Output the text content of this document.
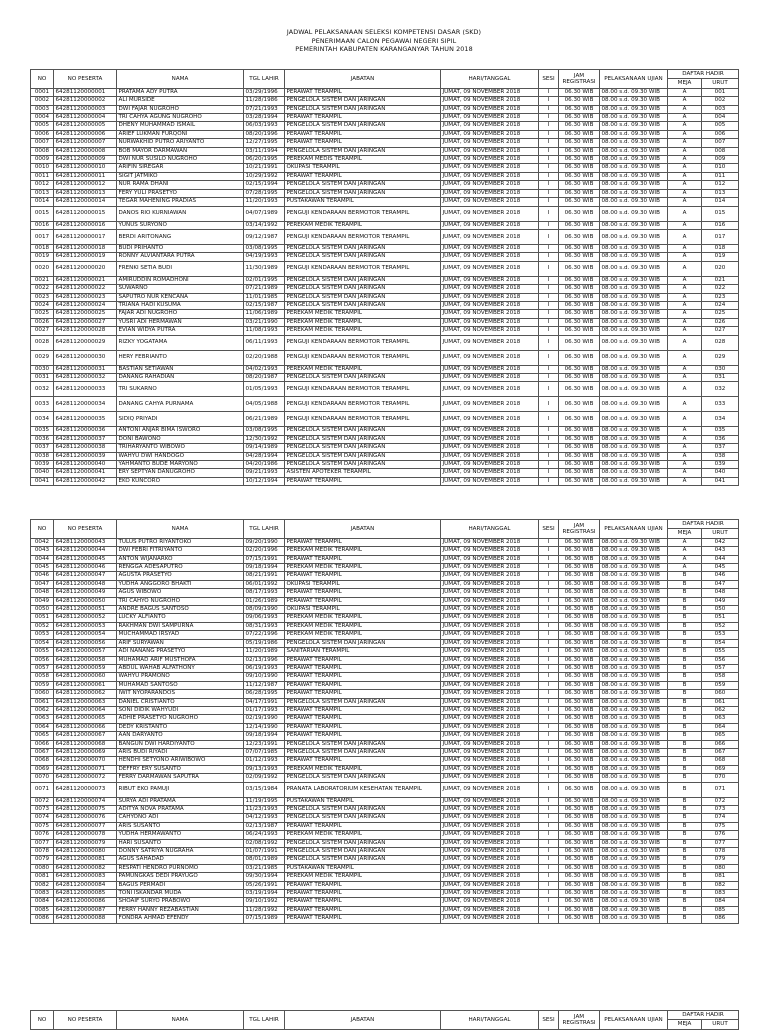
JADWAL PELAKSANAAN SELEKSI KOMPETENSI DASAR (SKD)
PENERIMAAN CALON PEGAWAI NEGERI SIPIL
PEMERINTAH KABUPATEN KARANGANYAR TAHUN 2018
NO	NO PESERTA	NAMA	TGL LAHIR	JABATAN	HARI/TANGGAL	SESI	JAM REGISTRASI	PELAKSANAAN UJIAN	DAFTAR HADIR	
									MEJA	URUT
0001	64281120000001	PRATAMA ADY PUTRA	03/29/1996	PERAWAT TERAMPIL	JUMAT, 09 NOVEMBER 2018	I	06.30 WIB	08.00 s.d. 09.30 WIB	A	001
0002	64281120000002	ALI MURSIDE	11/28/1986	PENGELOLA SISTEM DAN JARINGAN	JUMAT, 09 NOVEMBER 2018	I	06.30 WIB	08.00 s.d. 09.30 WIB	A	002
0003	64281120000003	DWI FAJAR NUGROHO	07/21/1993	PENGELOLA SISTEM DAN JARINGAN	JUMAT, 09 NOVEMBER 2018	I	06.30 WIB	08.00 s.d. 09.30 WIB	A	003
0004	64281120000004	TRI CAHYA AGUNG NUGROHO	03/28/1994	PERAWAT TERAMPIL	JUMAT, 09 NOVEMBER 2018	I	06.30 WIB	08.00 s.d. 09.30 WIB	A	004
0005	64281120000005	DHENY MUHAMMAD ISMAIL	06/03/1993	PENGELOLA SISTEM DAN JARINGAN	JUMAT, 09 NOVEMBER 2018	I	06.30 WIB	08.00 s.d. 09.30 WIB	A	005
0006	64281120000006	ARIEF LUKMAN FURQONI	08/20/1996	PERAWAT TERAMPIL	JUMAT, 09 NOVEMBER 2018	I	06.30 WIB	08.00 s.d. 09.30 WIB	A	006
0007	64281120000007	NURWAKHID PUTRO ARIYANTO	12/27/1995	PERAWAT TERAMPIL	JUMAT, 09 NOVEMBER 2018	I	06.30 WIB	08.00 s.d. 09.30 WIB	A	007
0008	64281120000008	BOB MAYOR DARMAWAN	03/11/1994	PENGELOLA SISTEM DAN JARINGAN	JUMAT, 09 NOVEMBER 2018	I	06.30 WIB	08.00 s.d. 09.30 WIB	A	008
0009	64281120000009	DWI NUR SUSILO NUGROHO	06/20/1995	PEREKAM MEDIS TERAMPIL	JUMAT, 09 NOVEMBER 2018	I	06.30 WIB	08.00 s.d. 09.30 WIB	A	009
0010	64281120000010	ARIFIN SIREGAR	10/21/1991	OKUPASI TERAMPIL	JUMAT, 09 NOVEMBER 2018	I	06.30 WIB	08.00 s.d. 09.30 WIB	A	010
0011	64281120000011	SIGIT JATMIKO	10/29/1992	PERAWAT TERAMPIL	JUMAT, 09 NOVEMBER 2018	I	06.30 WIB	08.00 s.d. 09.30 WIB	A	011
0012	64281120000012	NUR RAMA DHANI	02/15/1994	PENGELOLA SISTEM DAN JARINGAN	JUMAT, 09 NOVEMBER 2018	I	06.30 WIB	08.00 s.d. 09.30 WIB	A	012
0013	64281120000013	FERY YULI PRASETYO	07/28/1995	PENGELOLA SISTEM DAN JARINGAN	JUMAT, 09 NOVEMBER 2018	I	06.30 WIB	08.00 s.d. 09.30 WIB	A	013
0014	64281120000014	TEGAR MAHENING PRADIAS	11/20/1993	PUSTAKAWAN TERAMPIL	JUMAT, 09 NOVEMBER 2018	I	06.30 WIB	08.00 s.d. 09.30 WIB	A	014
0015	64281120000015	DANOS RIO KURNIAWAN	04/07/1989	PENGUJI KENDARAAN BERMOTOR TERAMPIL	JUMAT, 09 NOVEMBER 2018	I	06.30 WIB	08.00 s.d. 09.30 WIB	A	015
0016	64281120000016	YUNUS SURYONO	03/14/1992	PEREKAM MEDIK TERAMPIL	JUMAT, 09 NOVEMBER 2018	I	06.30 WIB	08.00 s.d. 09.30 WIB	A	016
0017	64281120000017	BERDI ARITONANG	09/12/1987	PENGUJI KENDARAAN BERMOTOR TERAMPIL	JUMAT, 09 NOVEMBER 2018	I	06.30 WIB	08.00 s.d. 09.30 WIB	A	017
0018	64281120000018	BUDI PRIHANTO	03/08/1995	PENGELOLA SISTEM DAN JARINGAN	JUMAT, 09 NOVEMBER 2018	I	06.30 WIB	08.00 s.d. 09.30 WIB	A	018
0019	64281120000019	RONNY ALVIANTARA PUTRA	04/19/1993	PENGELOLA SISTEM DAN JARINGAN	JUMAT, 09 NOVEMBER 2018	I	06.30 WIB	08.00 s.d. 09.30 WIB	A	019
0020	64281120000020	FRENKI SETIA BUDI	11/30/1989	PENGUJI KENDARAAN BERMOTOR TERAMPIL	JUMAT, 09 NOVEMBER 2018	I	06.30 WIB	08.00 s.d. 09.30 WIB	A	020
0021	64281120000021	AMIRUDDIN ROMADHONI	02/01/1995	PENGELOLA SISTEM DAN JARINGAN	JUMAT, 09 NOVEMBER 2018	I	06.30 WIB	08.00 s.d. 09.30 WIB	A	021
0022	64281120000022	SUWARNO	07/21/1989	PENGELOLA SISTEM DAN JARINGAN	JUMAT, 09 NOVEMBER 2018	I	06.30 WIB	08.00 s.d. 09.30 WIB	A	022
0023	64281120000023	SAPUTRO NUR KENCANA	11/01/1985	PENGELOLA SISTEM DAN JARINGAN	JUMAT, 09 NOVEMBER 2018	I	06.30 WIB	08.00 s.d. 09.30 WIB	A	023
0024	64281120000024	TRIANA HADI KUSUMA	02/15/1987	PENGELOLA SISTEM DAN JARINGAN	JUMAT, 09 NOVEMBER 2018	I	06.30 WIB	08.00 s.d. 09.30 WIB	A	024
0025	64281120000025	FAJAR ADI NUGROHO	11/06/1989	PEREKAM MEDIK TERAMPIL	JUMAT, 09 NOVEMBER 2018	I	06.30 WIB	08.00 s.d. 09.30 WIB	A	025
0026	64281120000027	YUSRI ADI HERMAWAN	03/21/1990	PEREKAM MEDIK TERAMPIL	JUMAT, 09 NOVEMBER 2018	I	06.30 WIB	08.00 s.d. 09.30 WIB	A	026
0027	64281120000028	EVIAN WIDYA PUTRA	11/08/1993	PEREKAM MEDIK TERAMPIL	JUMAT, 09 NOVEMBER 2018	I	06.30 WIB	08.00 s.d. 09.30 WIB	A	027
0028	64281120000029	RIZKY YOGATAMA	06/11/1993	PENGUJI KENDARAAN BERMOTOR TERAMPIL	JUMAT, 09 NOVEMBER 2018	I	06.30 WIB	08.00 s.d. 09.30 WIB	A	028
0029	64281120000030	HERY FEBRIANTO	02/20/1988	PENGUJI KENDARAAN BERMOTOR TERAMPIL	JUMAT, 09 NOVEMBER 2018	I	06.30 WIB	08.00 s.d. 09.30 WIB	A	029
0030	64281120000031	BASTIAN SETIAWAN	04/02/1993	PEREKAM MEDIK TERAMPIL	JUMAT, 09 NOVEMBER 2018	I	06.30 WIB	08.00 s.d. 09.30 WIB	A	030
0031	64281120000032	DANANG RAHADIAN	08/20/1987	PENGELOLA SISTEM DAN JARINGAN	JUMAT, 09 NOVEMBER 2018	I	06.30 WIB	08.00 s.d. 09.30 WIB	A	031
0032	64281120000033	TRI SUKARNO	01/05/1993	PENGUJI KENDARAAN BERMOTOR TERAMPIL	JUMAT, 09 NOVEMBER 2018	I	06.30 WIB	08.00 s.d. 09.30 WIB	A	032
0033	64281120000034	DANANG CAHYA PURNAMA	04/05/1988	PENGUJI KENDARAAN BERMOTOR TERAMPIL	JUMAT, 09 NOVEMBER 2018	I	06.30 WIB	08.00 s.d. 09.30 WIB	A	033
0034	64281120000035	SIDIQ PRIYADI	06/21/1989	PENGUJI KENDARAAN BERMOTOR TERAMPIL	JUMAT, 09 NOVEMBER 2018	I	06.30 WIB	08.00 s.d. 09.30 WIB	A	034
0035	64281120000036	ANTONI ANJAR BIMA ISWORO	03/08/1995	PENGELOLA SISTEM DAN JARINGAN	JUMAT, 09 NOVEMBER 2018	I	06.30 WIB	08.00 s.d. 09.30 WIB	A	035
0036	64281120000037	DONI BAWONO	12/30/1992	PENGELOLA SISTEM DAN JARINGAN	JUMAT, 09 NOVEMBER 2018	I	06.30 WIB	08.00 s.d. 09.30 WIB	A	036
0037	64281120000038	TRIHARYANTO WIBOWO	09/14/1989	PENGELOLA SISTEM DAN JARINGAN	JUMAT, 09 NOVEMBER 2018	I	06.30 WIB	08.00 s.d. 09.30 WIB	A	037
0038	64281120000039	WAHYU DWI HANDOGO	04/28/1994	PENGELOLA SISTEM DAN JARINGAN	JUMAT, 09 NOVEMBER 2018	I	06.30 WIB	08.00 s.d. 09.30 WIB	A	038
0039	64281120000040	YAHMANTO BUDE MARYONO	04/20/1986	PENGELOLA SISTEM DAN JARINGAN	JUMAT, 09 NOVEMBER 2018	I	06.30 WIB	08.00 s.d. 09.30 WIB	A	039
0040	64281120000041	ERY SEPTYAN DANUGROHO	09/21/1993	ASISTEN APOTEKER TERAMPIL	JUMAT, 09 NOVEMBER 2018	I	06.30 WIB	08.00 s.d. 09.30 WIB	A	040
0041	64281120000042	EKO KUNCORO	10/12/1994	PERAWAT TERAMPIL	JUMAT, 09 NOVEMBER 2018	I	06.30 WIB	08.00 s.d. 09.30 WIB	A	041
NO	NO PESERTA	NAMA	TGL LAHIR	JABATAN	HARI/TANGGAL	SESI	JAM REGISTRASI	PELAKSANAAN UJIAN	DAFTAR HADIR	
									MEJA	URUT
0042	64281120000043	TULUS PUTRO RIYANTOKO	09/20/1990	PERAWAT TERAMPIL	JUMAT, 09 NOVEMBER 2018	I	06.30 WIB	08.00 s.d. 09.30 WIB	A	042
0043	64281120000044	DWI FEBRI FITRIYANTO	02/20/1996	PEREKAM MEDIK TERAMPIL	JUMAT, 09 NOVEMBER 2018	I	06.30 WIB	08.00 s.d. 09.30 WIB	A	043
0044	64281120000045	ANTON WIJANARKO	07/15/1991	PERAWAT TERAMPIL	JUMAT, 09 NOVEMBER 2018	I	06.30 WIB	08.00 s.d. 09.30 WIB	A	044
0045	64281120000046	RENGGA ADESAPUTRO	09/18/1994	PEREKAM MEDIK TERAMPIL	JUMAT, 09 NOVEMBER 2018	I	06.30 WIB	08.00 s.d. 09.30 WIB	A	045
0046	64281120000047	AGUSTA PRASETYO	08/21/1991	PERAWAT TERAMPIL	JUMAT, 09 NOVEMBER 2018	I	06.30 WIB	08.00 s.d. 09.30 WIB	B	046
0047	64281120000048	YUDHA ANGGORO BHAKTI	06/01/1992	OKUPASI TERAMPIL	JUMAT, 09 NOVEMBER 2018	I	06.30 WIB	08.00 s.d. 09.30 WIB	B	047
0048	64281120000049	AGUS WIBOWO	08/17/1993	PERAWAT TERAMPIL	JUMAT, 09 NOVEMBER 2018	I	06.30 WIB	08.00 s.d. 09.30 WIB	B	048
0049	64281120000050	TRI CAHYO NUGROHO	01/26/1989	PERAWAT TERAMPIL	JUMAT, 09 NOVEMBER 2018	I	06.30 WIB	08.00 s.d. 09.30 WIB	B	049
0050	64281120000051	ANDRE BAGUS SANTOSO	08/09/1990	OKUPASI TERAMPIL	JUMAT, 09 NOVEMBER 2018	I	06.30 WIB	08.00 s.d. 09.30 WIB	B	050
0051	64281120000052	LUCKY ALFIANTO	09/06/1993	PEREKAM MEDIK TERAMPIL	JUMAT, 09 NOVEMBER 2018	I	06.30 WIB	08.00 s.d. 09.30 WIB	B	051
0052	64281120000053	RAKHMAN DWI SAMPURNA	08/31/1993	PEREKAM MEDIK TERAMPIL	JUMAT, 09 NOVEMBER 2018	I	06.30 WIB	08.00 s.d. 09.30 WIB	B	052
0053	64281120000054	MUCHAMMAD IRSYAD	07/22/1996	PEREKAM MEDIK TERAMPIL	JUMAT, 09 NOVEMBER 2018	I	06.30 WIB	08.00 s.d. 09.30 WIB	B	053
0054	64281120000056	ARIF SURYAWAN	05/19/1986	PENGELOLA SISTEM DAN JARINGAN	JUMAT, 09 NOVEMBER 2018	I	06.30 WIB	08.00 s.d. 09.30 WIB	B	054
0055	64281120000057	ADI NANANG PRASETYO	11/20/1989	SANITARIAN TERAMPIL	JUMAT, 09 NOVEMBER 2018	I	06.30 WIB	08.00 s.d. 09.30 WIB	B	055
0056	64281120000058	MUHAMAD ARIF MUSTHOFA	02/13/1996	PERAWAT TERAMPIL	JUMAT, 09 NOVEMBER 2018	I	06.30 WIB	08.00 s.d. 09.30 WIB	B	056
0057	64281120000059	ABDUL WAHAB ALFATHONY	06/19/1993	PERAWAT TERAMPIL	JUMAT, 09 NOVEMBER 2018	I	06.30 WIB	08.00 s.d. 09.30 WIB	B	057
0058	64281120000060	WAHYU PRAMONO	09/10/1990	PERAWAT TERAMPIL	JUMAT, 09 NOVEMBER 2018	I	06.30 WIB	08.00 s.d. 09.30 WIB	B	058
0059	64281120000061	MUHAMAD SANTOSO	11/12/1987	PERAWAT TERAMPIL	JUMAT, 09 NOVEMBER 2018	I	06.30 WIB	08.00 s.d. 09.30 WIB	B	059
0060	64281120000062	IWIT NYOPARANDOS	06/28/1995	PERAWAT TERAMPIL	JUMAT, 09 NOVEMBER 2018	I	06.30 WIB	08.00 s.d. 09.30 WIB	B	060
0061	64281120000063	DANIEL CRISTIANTO	04/17/1991	PENGELOLA SISTEM DAN JARINGAN	JUMAT, 09 NOVEMBER 2018	I	06.30 WIB	08.00 s.d. 09.30 WIB	B	061
0062	64281120000064	SONI DIDIK WAHYUDI	01/17/1993	PERAWAT TERAMPIL	JUMAT, 09 NOVEMBER 2018	I	06.30 WIB	08.00 s.d. 09.30 WIB	B	062
0063	64281120000065	ADHIE PRASETYO NUGROHO	02/19/1990	PERAWAT TERAMPIL	JUMAT, 09 NOVEMBER 2018	I	06.30 WIB	08.00 s.d. 09.30 WIB	B	063
0064	64281120000066	DEDY KRISTANTO	12/14/1990	PERAWAT TERAMPIL	JUMAT, 09 NOVEMBER 2018	I	06.30 WIB	08.00 s.d. 09.30 WIB	B	064
0065	64281120000067	AAN DARYANTO	09/18/1994	PERAWAT TERAMPIL	JUMAT, 09 NOVEMBER 2018	I	06.30 WIB	08.00 s.d. 09.30 WIB	B	065
0066	64281120000068	BANGUN DWI HARDIYANTO	12/23/1991	PENGELOLA SISTEM DAN JARINGAN	JUMAT, 09 NOVEMBER 2018	I	06.30 WIB	08.00 s.d. 09.30 WIB	B	066
0067	64281120000069	ARIS BUDI RIYADI	07/07/1985	PENGELOLA SISTEM DAN JARINGAN	JUMAT, 09 NOVEMBER 2018	I	06.30 WIB	08.00 s.d. 09.30 WIB	B	067
0068	64281120000070	HENDHI SETYONO ARIWIBOWO	01/12/1993	PERAWAT TERAMPIL	JUMAT, 09 NOVEMBER 2018	I	06.30 WIB	08.00 s.d. 09.30 WIB	B	068
0069	64281120000071	DEFFRY ERY SUSANTO	09/13/1993	PEREKAM MEDIK TERAMPIL	JUMAT, 09 NOVEMBER 2018	I	06.30 WIB	08.00 s.d. 09.30 WIB	B	069
0070	64281120000072	FERRY DARMAWAN SAPUTRA	02/09/1992	PENGELOLA SISTEM DAN JARINGAN	JUMAT, 09 NOVEMBER 2018	I	06.30 WIB	08.00 s.d. 09.30 WIB	B	070
0071	64281120000073	RIBUT EKO PAMUJI	03/15/1984	PRANATA LABORATORIUM KESEHATAN TERAMPIL	JUMAT, 09 NOVEMBER 2018	I	06.30 WIB	08.00 s.d. 09.30 WIB	B	071
0072	64281120000074	SURYA ADI PRATAMA	11/19/1995	PUSTAKAWAN TERAMPIL	JUMAT, 09 NOVEMBER 2018	I	06.30 WIB	08.00 s.d. 09.30 WIB	B	072
0073	64281120000075	ADITYA NOVA PRATAMA	11/23/1993	PENGELOLA SISTEM DAN JARINGAN	JUMAT, 09 NOVEMBER 2018	I	06.30 WIB	08.00 s.d. 09.30 WIB	B	073
0074	64281120000076	CAHYONO ADI	04/12/1993	PENGELOLA SISTEM DAN JARINGAN	JUMAT, 09 NOVEMBER 2018	I	06.30 WIB	08.00 s.d. 09.30 WIB	B	074
0075	64281120000077	ARIS SUSANTO	02/13/1987	PERAWAT TERAMPIL	JUMAT, 09 NOVEMBER 2018	I	06.30 WIB	08.00 s.d. 09.30 WIB	B	075
0076	64281120000078	YUDHA HERMAWANTO	06/24/1993	PEREKAM MEDIK TERAMPIL	JUMAT, 09 NOVEMBER 2018	I	06.30 WIB	08.00 s.d. 09.30 WIB	B	076
0077	64281120000079	HARI SUSANTO	02/08/1992	PENGELOLA SISTEM DAN JARINGAN	JUMAT, 09 NOVEMBER 2018	I	06.30 WIB	08.00 s.d. 09.30 WIB	B	077
0078	64281120000080	DONNY SATRIYA NUGRAHA	01/07/1991	PENGELOLA SISTEM DAN JARINGAN	JUMAT, 09 NOVEMBER 2018	I	06.30 WIB	08.00 s.d. 09.30 WIB	B	078
0079	64281120000081	AGUS SAHADAD	08/01/1989	PENGELOLA SISTEM DAN JARINGAN	JUMAT, 09 NOVEMBER 2018	I	06.30 WIB	08.00 s.d. 09.30 WIB	B	079
0080	64281120000082	RESPATI HENDRO PURNOMO	03/21/1985	PUSTAKAWAN TERAMPIL	JUMAT, 09 NOVEMBER 2018	I	06.30 WIB	08.00 s.d. 09.30 WIB	B	080
0081	64281120000083	PAMUNGKAS DEDI PRAYUGO	09/30/1994	PEREKAM MEDIK TERAMPIL	JUMAT, 09 NOVEMBER 2018	I	06.30 WIB	08.00 s.d. 09.30 WIB	B	081
0082	64281120000084	BAGUS PERMADI	05/26/1991	PERAWAT TERAMPIL	JUMAT, 09 NOVEMBER 2018	I	06.30 WIB	08.00 s.d. 09.30 WIB	B	082
0083	64281120000085	TONI ISKANDAR MUDA	03/19/1994	PERAWAT TERAMPIL	JUMAT, 09 NOVEMBER 2018	I	06.30 WIB	08.00 s.d. 09.30 WIB	B	083
0084	64281120000086	SHOAIF SURYO PRABOWO	09/10/1992	PERAWAT TERAMPIL	JUMAT, 09 NOVEMBER 2018	I	06.30 WIB	08.00 s.d. 09.30 WIB	B	084
0085	64281120000087	FERRY HANNY REZABASTIAN	11/28/1992	PERAWAT TERAMPIL	JUMAT, 09 NOVEMBER 2018	I	06.30 WIB	08.00 s.d. 09.30 WIB	B	085
0086	64281120000088	FONDRA AHMAD EFENDY	07/15/1989	PERAWAT TERAMPIL	JUMAT, 09 NOVEMBER 2018	I	06.30 WIB	08.00 s.d. 09.30 WIB	B	086
NO	NO PESERTA	NAMA	TGL LAHIR	JABATAN	HARI/TANGGAL	SESI	JAM REGISTRASI	PELAKSANAAN UJIAN	DAFTAR HADIR	
									MEJA	URUT
